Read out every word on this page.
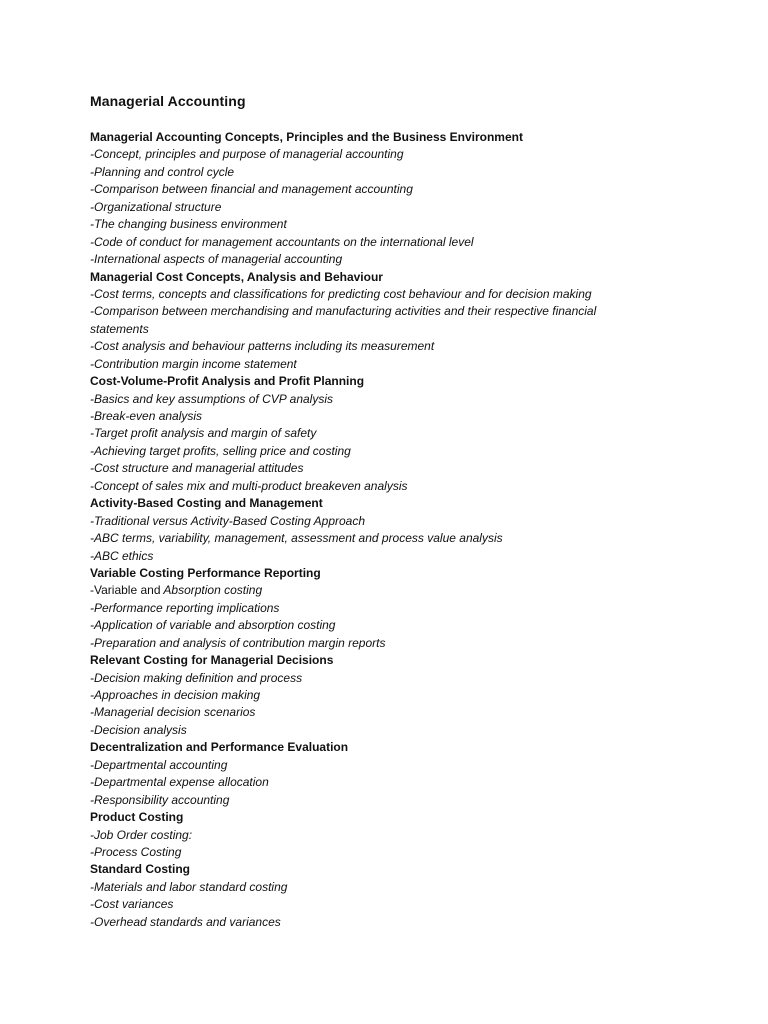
Managerial Accounting
Managerial Accounting Concepts, Principles and the Business Environment
-Concept, principles and purpose of managerial accounting
-Planning and control cycle
-Comparison between financial and management accounting
-Organizational structure
-The changing business environment
-Code of conduct for management accountants on the international level
-International aspects of managerial accounting
Managerial Cost Concepts, Analysis and Behaviour
-Cost terms, concepts and classifications for predicting cost behaviour and for decision making
-Comparison between merchandising and manufacturing activities and their respective financial statements
-Cost analysis and behaviour patterns including its measurement
-Contribution margin income statement
Cost-Volume-Profit Analysis and Profit Planning
-Basics and key assumptions of CVP analysis
-Break-even analysis
-Target profit analysis and margin of safety
-Achieving target profits, selling price and costing
-Cost structure and managerial attitudes
-Concept of sales mix and multi-product breakeven analysis
Activity-Based Costing and Management
-Traditional versus Activity-Based Costing Approach
-ABC terms, variability, management, assessment and process value analysis
-ABC ethics
Variable Costing Performance Reporting
-Variable and Absorption costing
-Performance reporting implications
-Application of variable and absorption costing
-Preparation and analysis of contribution margin reports
Relevant Costing for Managerial Decisions
-Decision making definition and process
-Approaches in decision making
-Managerial decision scenarios
-Decision analysis
Decentralization and Performance Evaluation
-Departmental accounting
-Departmental expense allocation
-Responsibility accounting
Product Costing
-Job Order costing:
-Process Costing
Standard Costing
-Materials and labor standard costing
-Cost variances
-Overhead standards and variances
